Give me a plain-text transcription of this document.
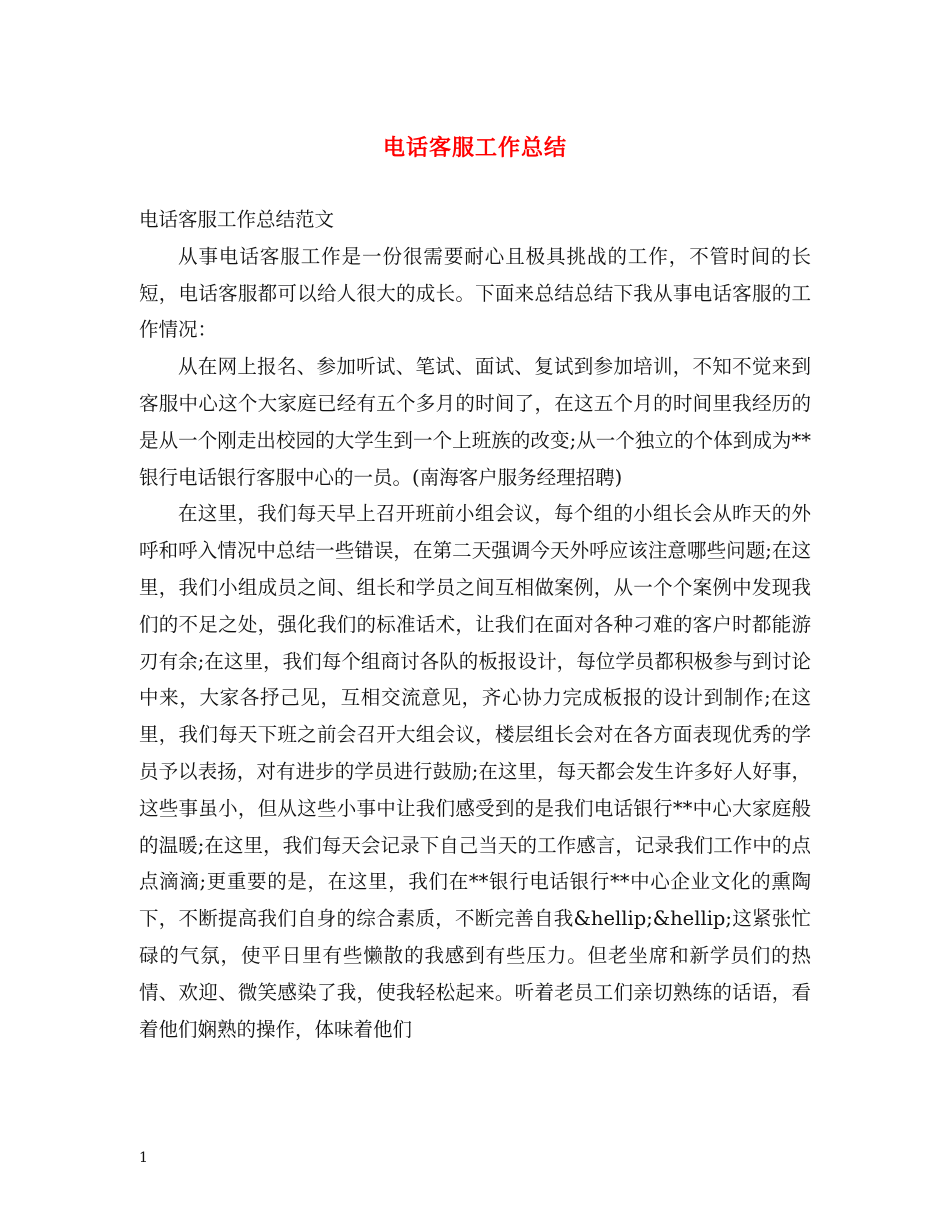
电话客服工作总结

电话客服工作总结范文

从事电话客服工作是一份很需要耐心且极具挑战的工作，不管时间的长短，电话客服都可以给人很大的成长。下面来总结总结下我从事电话客服的工作情况：

从在网上报名、参加听试、笔试、面试、复试到参加培训，不知不觉来到客服中心这个大家庭已经有五个多月的时间了，在这五个月的时间里我经历的是从一个刚走出校园的大学生到一个上班族的改变;从一个独立的个体到成为**银行电话银行客服中心的一员。(南海客户服务经理招聘)

在这里，我们每天早上召开班前小组会议，每个组的小组长会从昨天的外呼和呼入情况中总结一些错误，在第二天强调今天外呼应该注意哪些问题;在这里，我们小组成员之间、组长和学员之间互相做案例，从一个个案例中发现我们的不足之处，强化我们的标准话术，让我们在面对各种刁难的客户时都能游刃有余;在这里，我们每个组商讨各队的板报设计，每位学员都积极参与到讨论中来，大家各抒己见，互相交流意见，齐心协力完成板报的设计到制作;在这里，我们每天下班之前会召开大组会议，楼层组长会对在各方面表现优秀的学员予以表扬，对有进步的学员进行鼓励;在这里，每天都会发生许多好人好事，这些事虽小，但从这些小事中让我们感受到的是我们电话银行**中心大家庭般的温暖;在这里，我们每天会记录下自己当天的工作感言，记录我们工作中的点点滴滴;更重要的是，在这里，我们在**银行电话银行**中心企业文化的熏陶下，不断提高我们自身的综合素质，不断完善自我&hellip;&hellip;这紧张忙碌的气氛，使平日里有些懒散的我感到有些压力。但老坐席和新学员们的热情、欢迎、微笑感染了我，使我轻松起来。听着老员工们亲切熟练的话语，看着他们娴熟的操作，体味着他们

1
